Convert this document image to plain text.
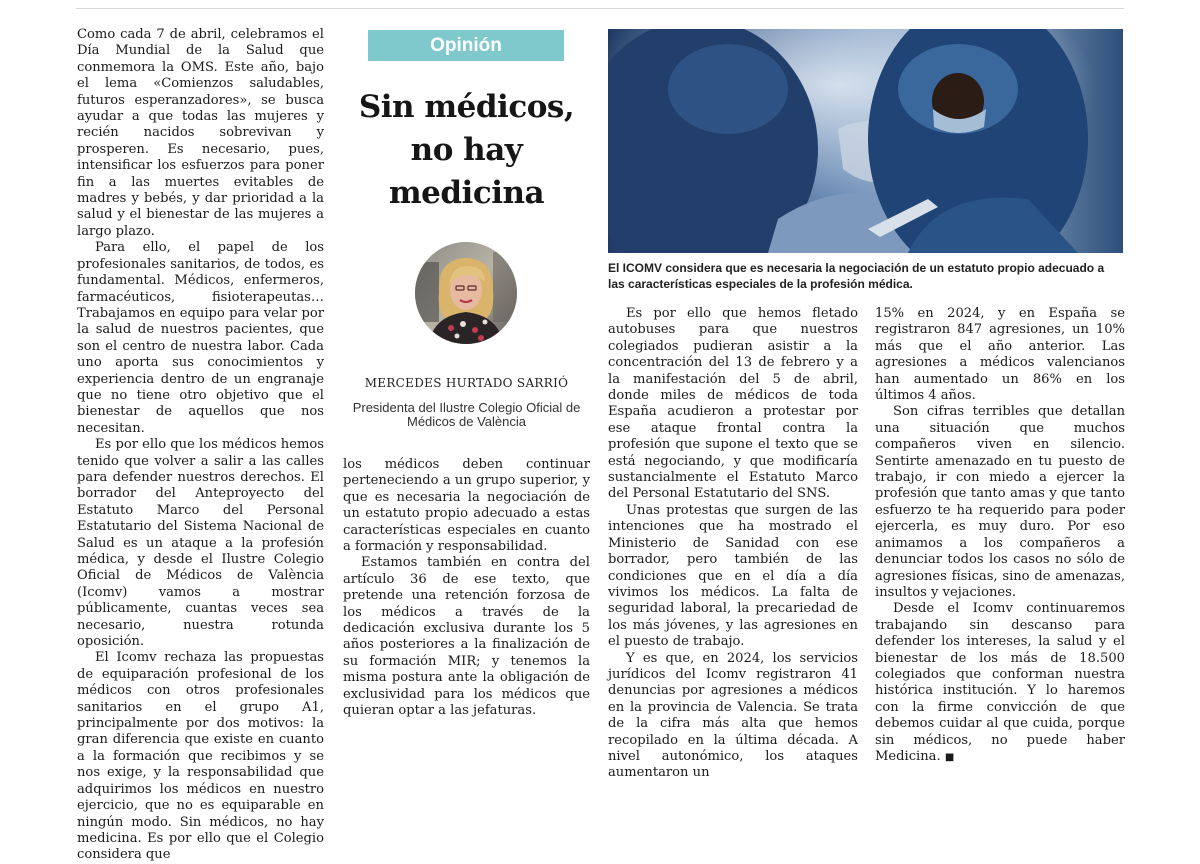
Como cada 7 de abril, celebramos el Día Mundial de la Salud que conmemora la OMS. Este año, bajo el lema «Comienzos saludables, futuros esperanzadores», se busca ayudar a que todas las mujeres y recién nacidos sobrevivan y prosperen. Es necesario, pues, intensificar los esfuerzos para poner fin a las muertes evitables de madres y bebés, y dar prioridad a la salud y el bienestar de las mujeres a largo plazo.

Para ello, el papel de los profesionales sanitarios, de todos, es fundamental. Médicos, enfermeros, farmacéuticos, fisioterapeutas… Trabajamos en equipo para velar por la salud de nuestros pacientes, que son el centro de nuestra labor. Cada uno aporta sus conocimientos y experiencia dentro de un engranaje que no tiene otro objetivo que el bienestar de aquellos que nos necesitan.

Es por ello que los médicos hemos tenido que volver a salir a las calles para defender nuestros derechos. El borrador del Anteproyecto del Estatuto Marco del Personal Estatutario del Sistema Nacional de Salud es un ataque a la profesión médica, y desde el Ilustre Colegio Oficial de Médicos de València (Icomv) vamos a mostrar públicamente, cuantas veces sea necesario, nuestra rotunda oposición.

El Icomv rechaza las propuestas de equiparación profesional de los médicos con otros profesionales sanitarios en el grupo A1, principalmente por dos motivos: la gran diferencia que existe en cuanto a la formación que recibimos y se nos exige, y la responsabilidad que adquirimos los médicos en nuestro ejercicio, que no es equiparable en ningún modo. Sin médicos, no hay medicina. Es por ello que el Colegio considera que

Opinión
Sin médicos,
no hay
medicina
MERCEDES HURTADO SARRIÓ
Presidenta del Ilustre Colegio Oficial de
Médicos de València

los médicos deben continuar perteneciendo a un grupo superior, y que es necesaria la negociación de un estatuto propio adecuado a estas características especiales en cuanto a formación y responsabilidad.

Estamos también en contra del artículo 36 de ese texto, que pretende una retención forzosa de los médicos a través de la dedicación exclusiva durante los 5 años posteriores a la finalización de su formación MIR; y tenemos la misma postura ante la obligación de exclusividad para los médicos que quieran optar a las jefaturas.

El ICOMV considera que es necesaria la negociación de un estatuto propio adecuado a las características especiales de la profesión médica.

Es por ello que hemos fletado autobuses para que nuestros colegiados pudieran asistir a la concentración del 13 de febrero y a la manifestación del 5 de abril, donde miles de médicos de toda España acudieron a protestar por ese ataque frontal contra la profesión que supone el texto que se está negociando, y que modificaría sustancialmente el Estatuto Marco del Personal Estatutario del SNS.

Unas protestas que surgen de las intenciones que ha mostrado el Ministerio de Sanidad con ese borrador, pero también de las condiciones que en el día a día vivimos los médicos. La falta de seguridad laboral, la precariedad de los más jóvenes, y las agresiones en el puesto de trabajo.

Y es que, en 2024, los servicios jurídicos del Icomv registraron 41 denuncias por agresiones a médicos en la provincia de Valencia. Se trata de la cifra más alta que hemos recopilado en la última década. A nivel autonómico, los ataques aumentaron un

15% en 2024, y en España se registraron 847 agresiones, un 10% más que el año anterior. Las agresiones a médicos valencianos han aumentado un 86% en los últimos 4 años.

Son cifras terribles que detallan una situación que muchos compañeros viven en silencio. Sentirte amenazado en tu puesto de trabajo, ir con miedo a ejercer la profesión que tanto amas y que tanto esfuerzo te ha requerido para poder ejercerla, es muy duro. Por eso animamos a los compañeros a denunciar todos los casos no sólo de agresiones físicas, sino de amenazas, insultos y vejaciones.

Desde el Icomv continuaremos trabajando sin descanso para defender los intereses, la salud y el bienestar de los más de 18.500 colegiados que conforman nuestra histórica institución. Y lo haremos con la firme convicción de que debemos cuidar al que cuida, porque sin médicos, no puede haber Medicina. ■
